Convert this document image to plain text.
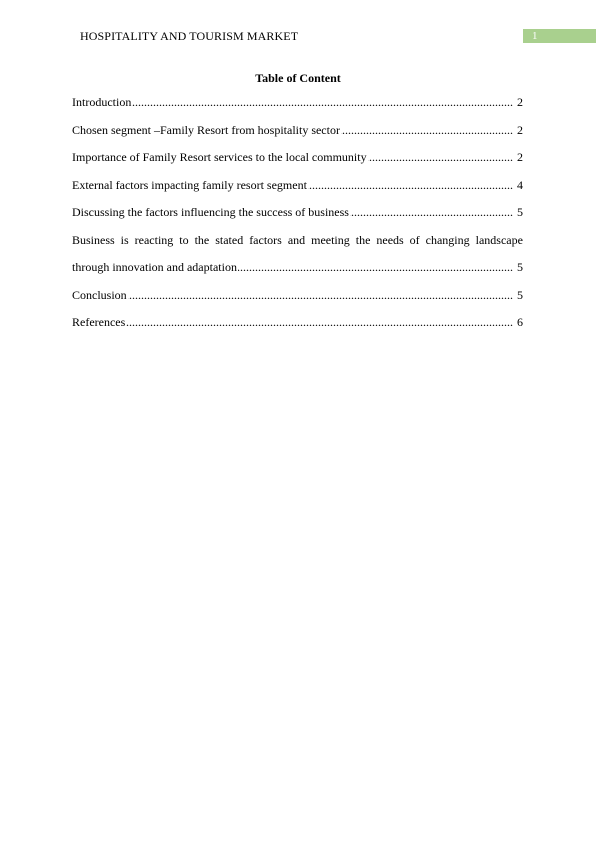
HOSPITALITY AND TOURISM MARKET	1
Table of Content
.....
Introduction	2
.....
Chosen segment –Family Resort from hospitality sector	2
.....
Importance of Family Resort services to the local community	2
.....
External factors impacting family resort segment	4
.....
Discussing the factors influencing the success of business	5
Business is reacting to the stated factors and meeting the needs of changing landscape
.....
through innovation and adaptation	5
.....
Conclusion	5
.....
References	6
